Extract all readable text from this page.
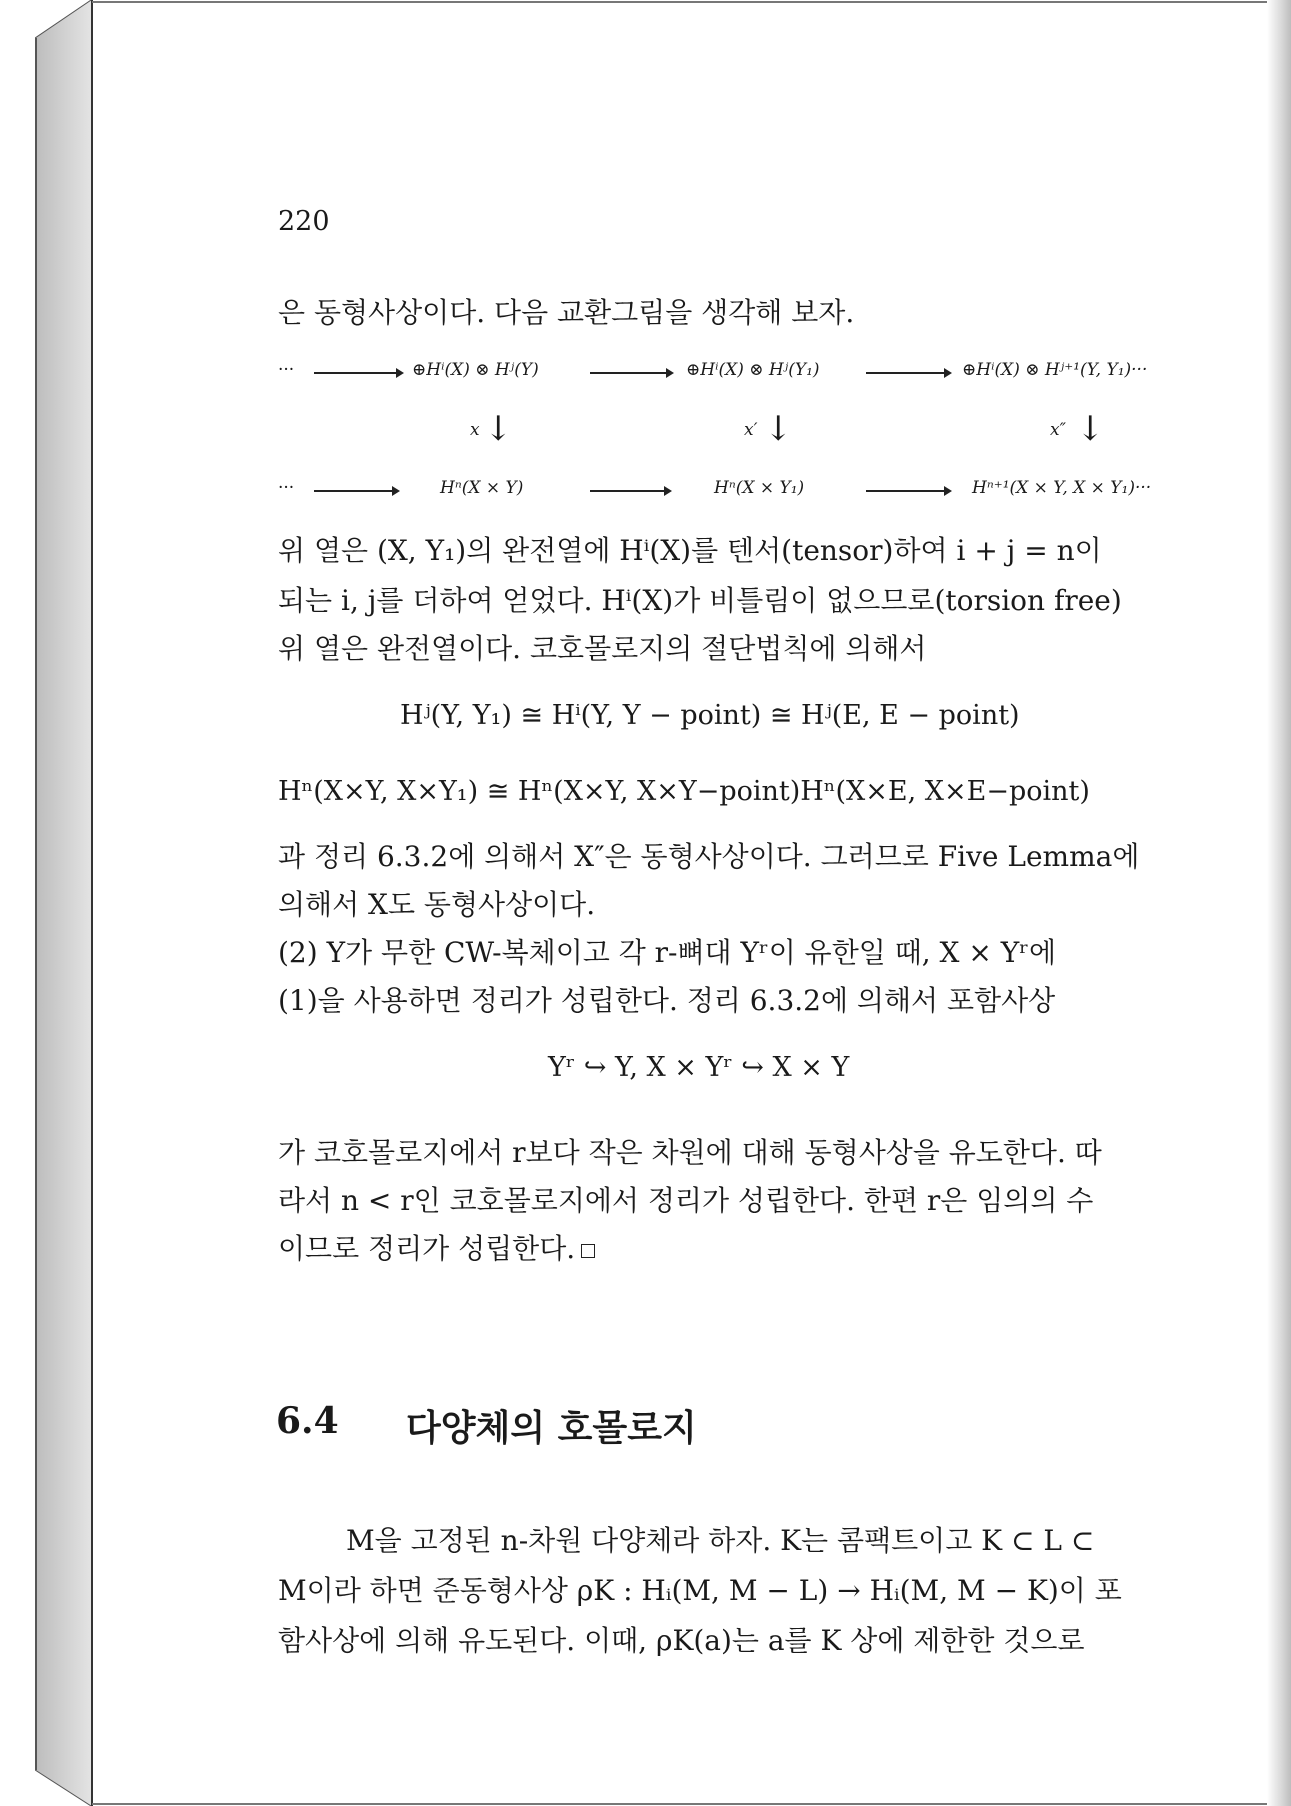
220
은 동형사상이다. 다음 교환그림을 생각해 보자.
···	⊕Hⁱ(X) ⊗ Hʲ(Y)	⊕Hⁱ(X) ⊗ Hʲ(Y₁)	⊕Hⁱ(X) ⊗ Hʲ⁺¹(Y, Y₁)···
x ↓	x′ ↓	x″ ↓
···	Hⁿ(X × Y)	Hⁿ(X × Y₁)	Hⁿ⁺¹(X × Y, X × Y₁)···
위 열은 (X, Y₁)의 완전열에 Hⁱ(X)를 텐서(tensor)하여 i + j = n이
되는 i, j를 더하여 얻었다. Hⁱ(X)가 비틀림이 없으므로(torsion free)
위 열은 완전열이다. 코호몰로지의 절단법칙에 의해서
Hʲ(Y, Y₁) ≅ Hⁱ(Y, Y − point) ≅ Hʲ(E, E − point)
Hⁿ(X×Y, X×Y₁) ≅ Hⁿ(X×Y, X×Y−point)Hⁿ(X×E, X×E−point)
과 정리 6.3.2에 의해서 X″은 동형사상이다. 그러므로 Five Lemma에
의해서 X도 동형사상이다.
(2) Y가 무한 CW-복체이고 각 r-뼈대 Yʳ이 유한일 때, X × Yʳ에
(1)을 사용하면 정리가 성립한다. 정리 6.3.2에 의해서 포함사상
Yʳ ↪ Y, X × Yʳ ↪ X × Y
가 코호몰로지에서 r보다 작은 차원에 대해 동형사상을 유도한다. 따
라서 n < r인 코호몰로지에서 정리가 성립한다. 한편 r은 임의의 수
이므로 정리가 성립한다.
6.4 다양체의 호몰로지
M을 고정된 n-차원 다양체라 하자. K는 콤팩트이고 K ⊂ L ⊂
M이라 하면 준동형사상 ρK : Hᵢ(M, M − L) → Hᵢ(M, M − K)이 포
함사상에 의해 유도된다. 이때, ρK(a)는 a를 K 상에 제한한 것으로
